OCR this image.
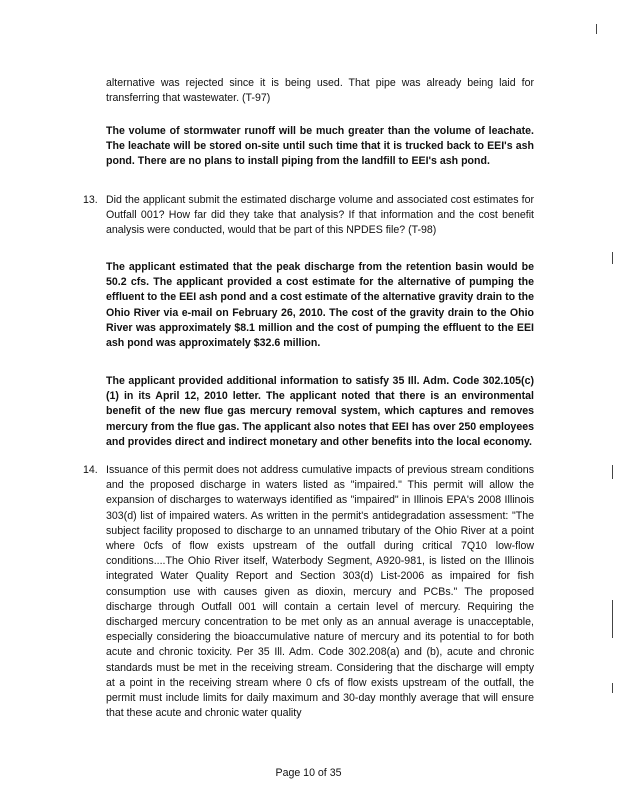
alternative was rejected since it is being used. That pipe was already being laid for transferring that wastewater. (T-97)

The volume of stormwater runoff will be much greater than the volume of leachate. The leachate will be stored on-site until such time that it is trucked back to EEI's ash pond. There are no plans to install piping from the landfill to EEI's ash pond.

13. Did the applicant submit the estimated discharge volume and associated cost estimates for Outfall 001? How far did they take that analysis? If that information and the cost benefit analysis were conducted, would that be part of this NPDES file? (T-98)

The applicant estimated that the peak discharge from the retention basin would be 50.2 cfs. The applicant provided a cost estimate for the alternative of pumping the effluent to the EEI ash pond and a cost estimate of the alternative gravity drain to the Ohio River via e-mail on February 26, 2010. The cost of the gravity drain to the Ohio River was approximately $8.1 million and the cost of pumping the effluent to the EEI ash pond was approximately $32.6 million.

The applicant provided additional information to satisfy 35 Ill. Adm. Code 302.105(c)(1) in its April 12, 2010 letter. The applicant noted that there is an environmental benefit of the new flue gas mercury removal system, which captures and removes mercury from the flue gas. The applicant also notes that EEI has over 250 employees and provides direct and indirect monetary and other benefits into the local economy.

14. Issuance of this permit does not address cumulative impacts of previous stream conditions and the proposed discharge in waters listed as "impaired." This permit will allow the expansion of discharges to waterways identified as "impaired" in Illinois EPA's 2008 Illinois 303(d) list of impaired waters. As written in the permit's antidegradation assessment: "The subject facility proposed to discharge to an unnamed tributary of the Ohio River at a point where 0cfs of flow exists upstream of the outfall during critical 7Q10 low-flow conditions....The Ohio River itself, Waterbody Segment, A920-981, is listed on the Illinois integrated Water Quality Report and Section 303(d) List-2006 as impaired for fish consumption use with causes given as dioxin, mercury and PCBs." The proposed discharge through Outfall 001 will contain a certain level of mercury. Requiring the discharged mercury concentration to be met only as an annual average is unacceptable, especially considering the bioaccumulative nature of mercury and its potential to for both acute and chronic toxicity. Per 35 Ill. Adm. Code 302.208(a) and (b), acute and chronic standards must be met in the receiving stream. Considering that the discharge will empty at a point in the receiving stream where 0 cfs of flow exists upstream of the outfall, the permit must include limits for daily maximum and 30-day monthly average that will ensure that these acute and chronic water quality

Page 10 of 35
